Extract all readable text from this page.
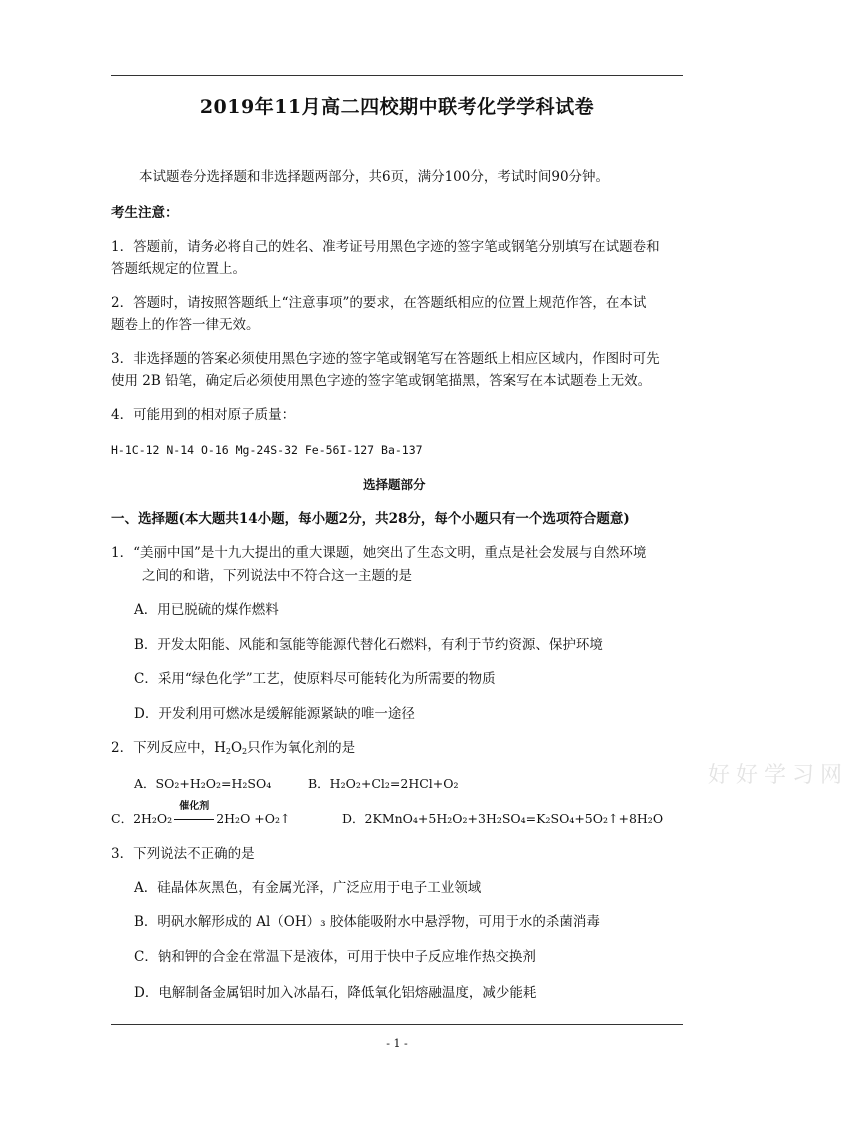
2019年11月高二四校期中联考化学学科试卷
本试题卷分选择题和非选择题两部分，共6页，满分100分，考试时间90分钟。
考生注意：
1．答题前，请务必将自己的姓名、准考证号用黑色字迹的签字笔或钢笔分别填写在试题卷和
答题纸规定的位置上。
2．答题时，请按照答题纸上“注意事项”的要求，在答题纸相应的位置上规范作答，在本试
题卷上的作答一律无效。
3．非选择题的答案必须使用黑色字迹的签字笔或钢笔写在答题纸上相应区域内，作图时可先
使用 2B 铅笔，确定后必须使用黑色字迹的签字笔或钢笔描黑，答案写在本试题卷上无效。
4．可能用到的相对原子质量：
H-1C-12 N-14 O-16 Mg-24S-32 Fe-56I-127 Ba-137
选择题部分
一、选择题(本大题共14小题，每小题2分，共28分，每个小题只有一个选项符合题意)
1．“美丽中国”是十九大提出的重大课题，她突出了生态文明，重点是社会发展与自然环境
之间的和谐，下列说法中不符合这一主题的是
A．用已脱硫的煤作燃料
B．开发太阳能、风能和氢能等能源代替化石燃料，有利于节约资源、保护环境
C．采用“绿色化学”工艺，使原料尽可能转化为所需要的物质
D．开发利用可燃冰是缓解能源紧缺的唯一途径
2．下列反应中，$H_2O_2$只作为氧化剂的是
A．SO₂+H₂O₂=H₂SO₄	B．H₂O₂+Cl₂=2HCl+O₂
C．2H₂O₂
催化剂
2H₂O +O₂↑	D．2KMnO₄+5H₂O₂+3H₂SO₄=K₂SO₄+5O₂↑+8H₂O
好好学习网
3．下列说法不正确的是
A．硅晶体灰黑色，有金属光泽，广泛应用于电子工业领域
B．明矾水解形成的 Al（OH）₃ 胶体能吸附水中悬浮物，可用于水的杀菌消毒
C．钠和钾的合金在常温下是液体，可用于快中子反应堆作热交换剂
D．电解制备金属铝时加入冰晶石，降低氧化铝熔融温度，减少能耗
- 1 -
